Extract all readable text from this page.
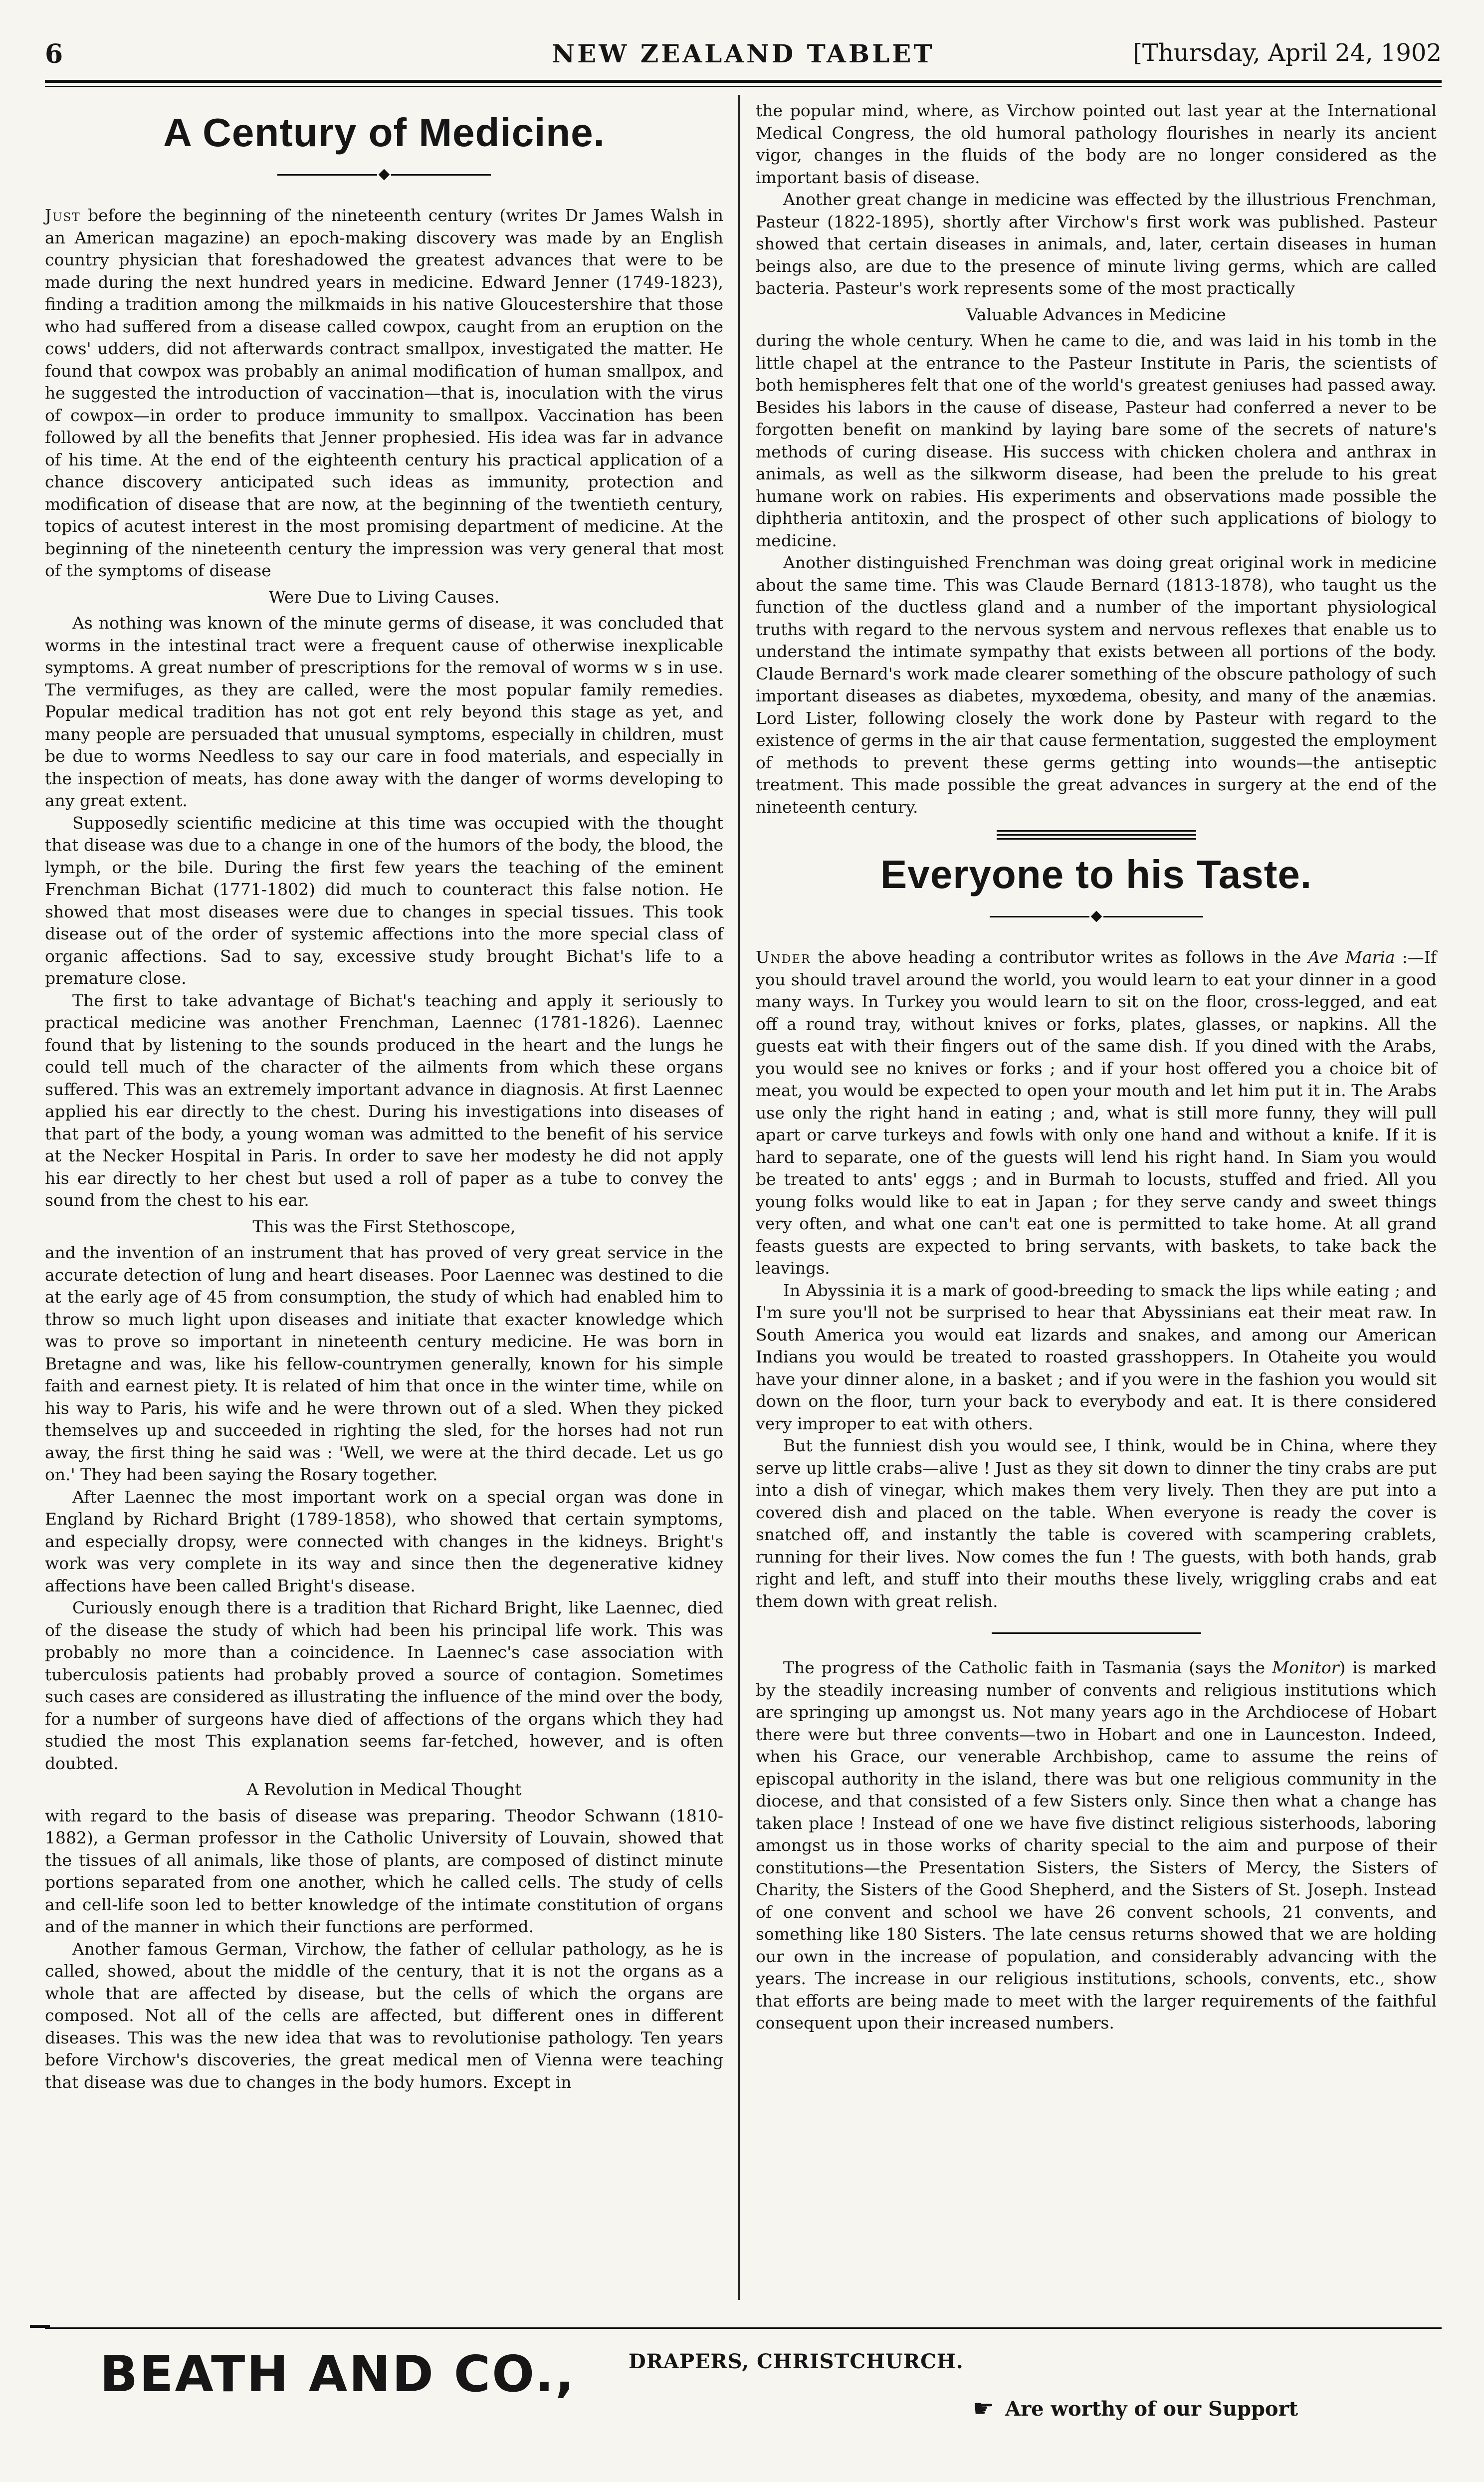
6	NEW ZEALAND TABLET	[Thursday, April 24, 1902
A Century of Medicine.

Just before the beginning of the nineteenth century (writes Dr James Walsh in an American magazine) an epoch-making discovery was made by an English country physician that foreshadowed the greatest advances that were to be made during the next hundred years in medicine. Edward Jenner (1749-1823), finding a tradition among the milkmaids in his native Gloucestershire that those who had suffered from a disease called cowpox, caught from an eruption on the cows' udders, did not afterwards contract smallpox, investigated the matter. He found that cowpox was probably an animal modification of human smallpox, and he suggested the introduction of vaccination—that is, inoculation with the virus of cowpox—in order to produce immunity to smallpox. Vaccination has been followed by all the benefits that Jenner prophesied. His idea was far in advance of his time. At the end of the eighteenth century his practical application of a chance discovery anticipated such ideas as immunity, protection and modification of disease that are now, at the beginning of the twentieth century, topics of acutest interest in the most promising department of medicine. At the beginning of the nineteenth century the impression was very general that most of the symptoms of disease

Were Due to Living Causes.

As nothing was known of the minute germs of disease, it was concluded that worms in the intestinal tract were a frequent cause of otherwise inexplicable symptoms. A great number of prescriptions for the removal of worms w s in use. The vermifuges, as they are called, were the most popular family remedies. Popular medical tradition has not got ent rely beyond this stage as yet, and many people are persuaded that unusual symptoms, especially in children, must be due to worms Needless to say our care in food materials, and especially in the inspection of meats, has done away with the danger of worms developing to any great extent.

Supposedly scientific medicine at this time was occupied with the thought that disease was due to a change in one of the humors of the body, the blood, the lymph, or the bile. During the first few years the teaching of the eminent Frenchman Bichat (1771-1802) did much to counteract this false notion. He showed that most diseases were due to changes in special tissues. This took disease out of the order of systemic affections into the more special class of organic affections. Sad to say, excessive study brought Bichat's life to a premature close.

The first to take advantage of Bichat's teaching and apply it seriously to practical medicine was another Frenchman, Laennec (1781-1826). Laennec found that by listening to the sounds produced in the heart and the lungs he could tell much of the character of the ailments from which these organs suffered. This was an extremely important advance in diagnosis. At first Laennec applied his ear directly to the chest. During his investigations into diseases of that part of the body, a young woman was admitted to the benefit of his service at the Necker Hospital in Paris. In order to save her modesty he did not apply his ear directly to her chest but used a roll of paper as a tube to convey the sound from the chest to his ear.

This was the First Stethoscope,

and the invention of an instrument that has proved of very great service in the accurate detection of lung and heart diseases. Poor Laennec was destined to die at the early age of 45 from consumption, the study of which had enabled him to throw so much light upon diseases and initiate that exacter knowledge which was to prove so important in nineteenth century medicine. He was born in Bretagne and was, like his fellow-countrymen generally, known for his simple faith and earnest piety. It is related of him that once in the winter time, while on his way to Paris, his wife and he were thrown out of a sled. When they picked themselves up and succeeded in righting the sled, for the horses had not run away, the first thing he said was : 'Well, we were at the third decade. Let us go on.' They had been saying the Rosary together.

After Laennec the most important work on a special organ was done in England by Richard Bright (1789-1858), who showed that certain symptoms, and especially dropsy, were connected with changes in the kidneys. Bright's work was very complete in its way and since then the degenerative kidney affections have been called Bright's disease.

Curiously enough there is a tradition that Richard Bright, like Laennec, died of the disease the study of which had been his principal life work. This was probably no more than a coincidence. In Laennec's case association with tuberculosis patients had probably proved a source of contagion. Sometimes such cases are considered as illustrating the influence of the mind over the body, for a number of surgeons have died of affections of the organs which they had studied the most This explanation seems far-fetched, however, and is often doubted.

A Revolution in Medical Thought

with regard to the basis of disease was preparing. Theodor Schwann (1810-1882), a German professor in the Catholic University of Louvain, showed that the tissues of all animals, like those of plants, are composed of distinct minute portions separated from one another, which he called cells. The study of cells and cell-life soon led to better knowledge of the intimate constitution of organs and of the manner in which their functions are performed.

Another famous German, Virchow, the father of cellular pathology, as he is called, showed, about the middle of the century, that it is not the organs as a whole that are affected by disease, but the cells of which the organs are composed. Not all of the cells are affected, but different ones in different diseases. This was the new idea that was to revolutionise pathology. Ten years before Virchow's discoveries, the great medical men of Vienna were teaching that disease was due to changes in the body humors. Except in

the popular mind, where, as Virchow pointed out last year at the International Medical Congress, the old humoral pathology flourishes in nearly its ancient vigor, changes in the fluids of the body are no longer considered as the important basis of disease.

Another great change in medicine was effected by the illustrious Frenchman, Pasteur (1822-1895), shortly after Virchow's first work was published. Pasteur showed that certain diseases in animals, and, later, certain diseases in human beings also, are due to the presence of minute living germs, which are called bacteria. Pasteur's work represents some of the most practically

Valuable Advances in Medicine

during the whole century. When he came to die, and was laid in his tomb in the little chapel at the entrance to the Pasteur Institute in Paris, the scientists of both hemispheres felt that one of the world's greatest geniuses had passed away. Besides his labors in the cause of disease, Pasteur had conferred a never to be forgotten benefit on mankind by laying bare some of the secrets of nature's methods of curing disease. His success with chicken cholera and anthrax in animals, as well as the silkworm disease, had been the prelude to his great humane work on rabies. His experiments and observations made possible the diphtheria antitoxin, and the prospect of other such applications of biology to medicine.

Another distinguished Frenchman was doing great original work in medicine about the same time. This was Claude Bernard (1813-1878), who taught us the function of the ductless gland and a number of the important physiological truths with regard to the nervous system and nervous reflexes that enable us to understand the intimate sympathy that exists between all portions of the body. Claude Bernard's work made clearer something of the obscure pathology of such important diseases as diabetes, myxœdema, obesity, and many of the anæmias. Lord Lister, following closely the work done by Pasteur with regard to the existence of germs in the air that cause fermentation, suggested the employment of methods to prevent these germs getting into wounds—the antiseptic treatment. This made possible the great advances in surgery at the end of the nineteenth century.

Everyone to his Taste.

Under the above heading a contributor writes as follows in the Ave Maria :—If you should travel around the world, you would learn to eat your dinner in a good many ways. In Turkey you would learn to sit on the floor, cross-legged, and eat off a round tray, without knives or forks, plates, glasses, or napkins. All the guests eat with their fingers out of the same dish. If you dined with the Arabs, you would see no knives or forks ; and if your host offered you a choice bit of meat, you would be expected to open your mouth and let him put it in. The Arabs use only the right hand in eating ; and, what is still more funny, they will pull apart or carve turkeys and fowls with only one hand and without a knife. If it is hard to separate, one of the guests will lend his right hand. In Siam you would be treated to ants' eggs ; and in Burmah to locusts, stuffed and fried. All you young folks would like to eat in Japan ; for they serve candy and sweet things very often, and what one can't eat one is permitted to take home. At all grand feasts guests are expected to bring servants, with baskets, to take back the leavings.

In Abyssinia it is a mark of good-breeding to smack the lips while eating ; and I'm sure you'll not be surprised to hear that Abyssinians eat their meat raw. In South America you would eat lizards and snakes, and among our American Indians you would be treated to roasted grasshoppers. In Otaheite you would have your dinner alone, in a basket ; and if you were in the fashion you would sit down on the floor, turn your back to everybody and eat. It is there considered very improper to eat with others.

But the funniest dish you would see, I think, would be in China, where they serve up little crabs—alive ! Just as they sit down to dinner the tiny crabs are put into a dish of vinegar, which makes them very lively. Then they are put into a covered dish and placed on the table. When everyone is ready the cover is snatched off, and instantly the table is covered with scampering crablets, running for their lives. Now comes the fun ! The guests, with both hands, grab right and left, and stuff into their mouths these lively, wriggling crabs and eat them down with great relish.

The progress of the Catholic faith in Tasmania (says the Monitor) is marked by the steadily increasing number of convents and religious institutions which are springing up amongst us. Not many years ago in the Archdiocese of Hobart there were but three convents—two in Hobart and one in Launceston. Indeed, when his Grace, our venerable Archbishop, came to assume the reins of episcopal authority in the island, there was but one religious community in the diocese, and that consisted of a few Sisters only. Since then what a change has taken place ! Instead of one we have five distinct religious sisterhoods, laboring amongst us in those works of charity special to the aim and purpose of their constitutions—the Presentation Sisters, the Sisters of Mercy, the Sisters of Charity, the Sisters of the Good Shepherd, and the Sisters of St. Joseph. Instead of one convent and school we have 26 convent schools, 21 convents, and something like 180 Sisters. The late census returns showed that we are holding our own in the increase of population, and considerably advancing with the years. The increase in our religious institutions, schools, convents, etc., show that efforts are being made to meet with the larger requirements of the faithful consequent upon their increased numbers.

BEATH AND CO.,	DRAPERS, CHRISTCHURCH.
☛ Are worthy of our Support
